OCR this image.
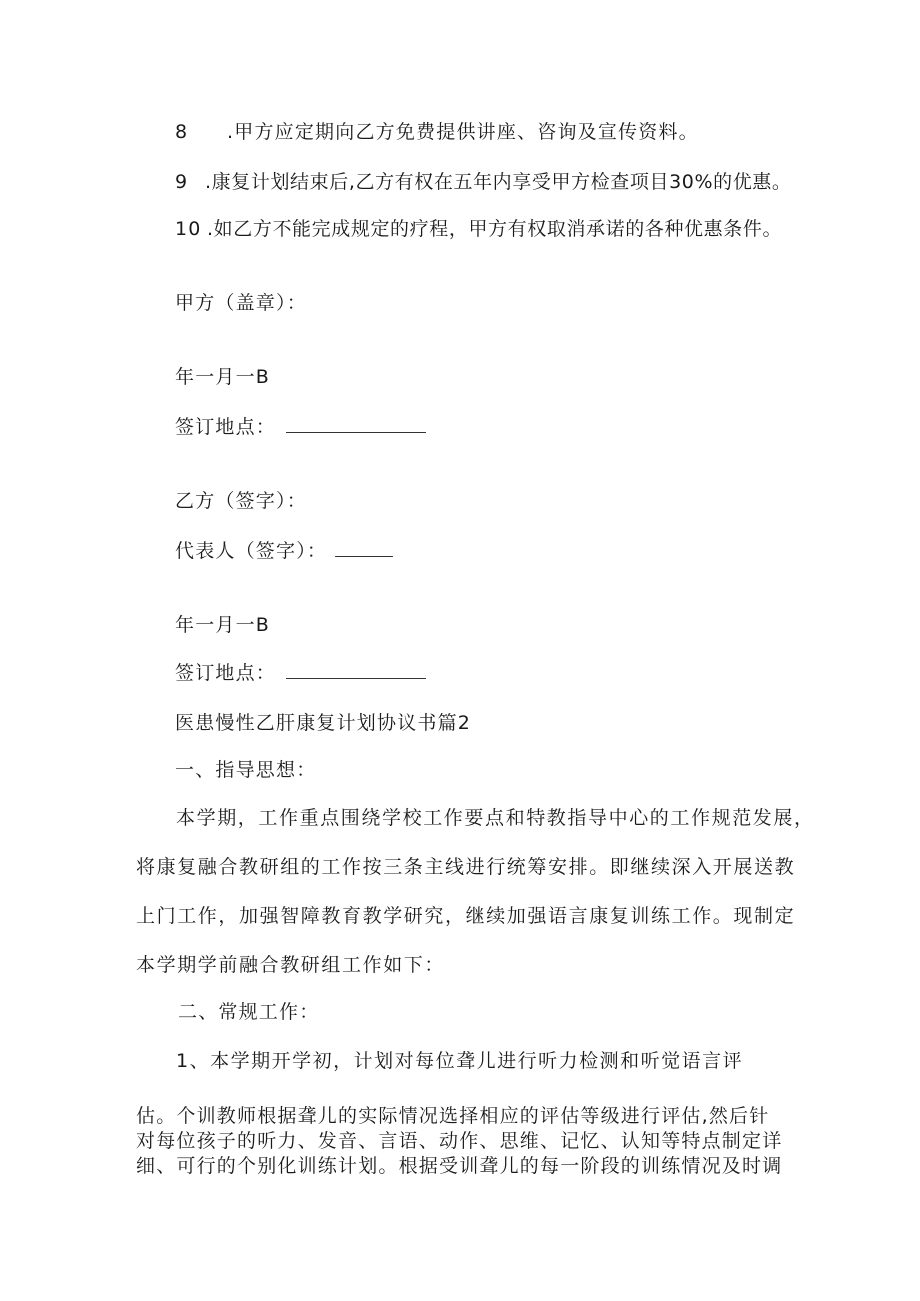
8 .甲方应定期向乙方免费提供讲座、咨询及宣传资料。
9 .康复计划结束后,乙方有权在五年内享受甲方检查项目30%的优惠。
10 .如乙方不能完成规定的疗程，甲方有权取消承诺的各种优惠条件。
甲方（盖章）：
年一月一B
签订地点：
乙方（签字）：
代表人（签字）：
年一月一B
签订地点：
医患慢性乙肝康复计划协议书篇2
一、指导思想：
本学期，工作重点围绕学校工作要点和特教指导中心的工作规范发展，
将康复融合教研组的工作按三条主线进行统筹安排。即继续深入开展送教
上门工作，加强智障教育教学研究，继续加强语言康复训练工作。现制定
本学期学前融合教研组工作如下：
二、常规工作：
1、本学期开学初，计划对每位聋儿进行听力检测和听觉语言评
估。个训教师根据聋儿的实际情况选择相应的评估等级进行评估,然后针
对每位孩子的听力、发音、言语、动作、思维、记忆、认知等特点制定详
细、可行的个别化训练计划。根据受训聋儿的每一阶段的训练情况及时调
